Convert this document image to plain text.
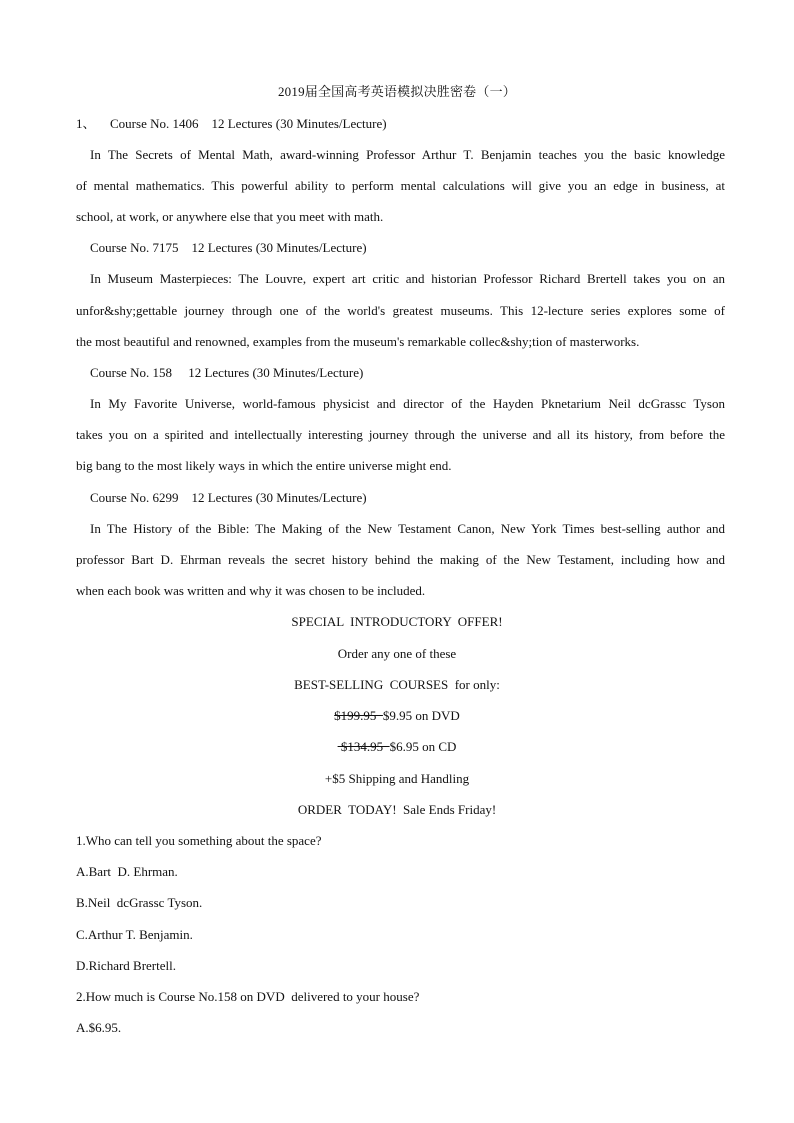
2019届全国高考英语模拟决胜密卷（一）
1、 Course No. 1406    12 Lectures (30 Minutes/Lecture)
In The Secrets of Mental Math, award-winning Professor Arthur T. Benjamin teaches you the basic knowledge
of mental mathematics. This powerful ability to perform mental calculations will give you an edge in business, at
school, at work, or anywhere else that you meet with math.
Course No. 7175    12 Lectures (30 Minutes/Lecture)
In Museum Masterpieces: The Louvre, expert art critic and historian Professor Richard Brertell takes you on an
unfor&shy;gettable journey through one of the world's greatest museums. This 12-lecture series explores some of
the most beautiful and renowned, examples from the museum's remarkable collec&shy;tion of masterworks.
Course No. 158     12 Lectures (30 Minutes/Lecture)
In My Favorite Universe, world-famous physicist and director of the Hayden Pknetarium Neil dcGrassc Tyson
takes you on a spirited and intellectually interesting journey through the universe and all its history, from before the
big bang to the most likely ways in which the entire universe might end.
Course No. 6299    12 Lectures (30 Minutes/Lecture)
In The History of the Bible: The Making of the New Testament Canon, New York Times best-selling author and
professor Bart D. Ehrman reveals the secret history behind the making of the New Testament, including how and
when each book was written and why it was chosen to be included.
SPECIAL  INTRODUCTORY  OFFER!
Order any one of these
BEST-SELLING  COURSES  for only:
$199.95  $9.95 on DVD
$134.95  $6.95 on CD
+$5 Shipping and Handling
ORDER  TODAY!  Sale Ends Friday!
1.Who can tell you something about the space?
A.Bart  D. Ehrman.
B.Neil  dcGrassc Tyson.
C.Arthur T. Benjamin.
D.Richard Brertell.
2.How much is Course No.158 on DVD  delivered to your house?
A.$6.95.
